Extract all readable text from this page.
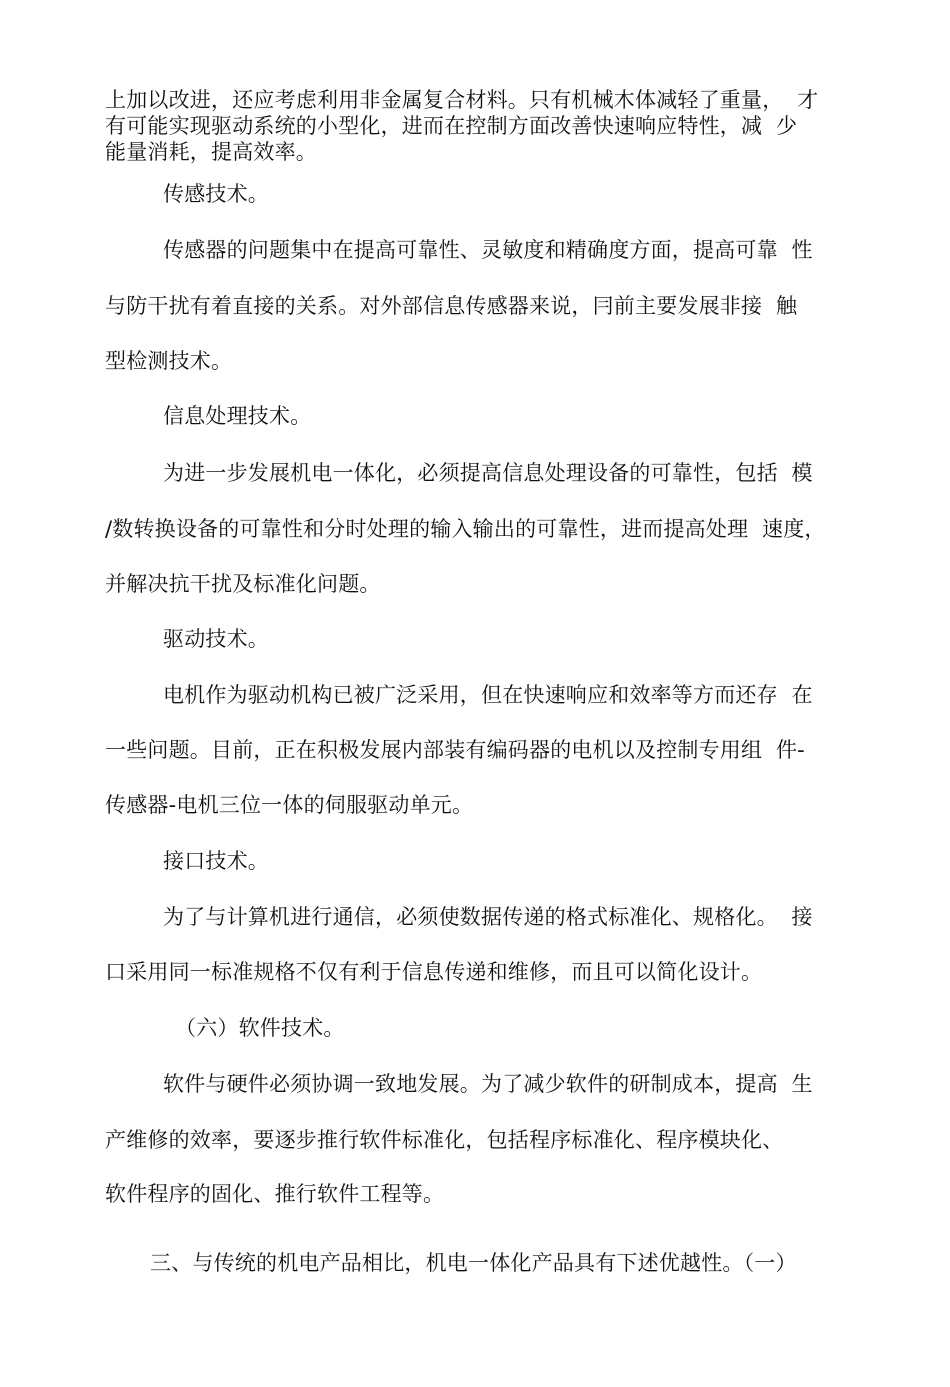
上加以改进，还应考虑利用非金属复合材料。只有机械木体减轻了重量，  才
有可能实现驱动系统的小型化，进而在控制方面改善快速响应特性，减  少
能量消耗，提高效率。
传感技术。
传感器的问题集中在提高可靠性、灵敏度和精确度方面，提高可靠  性
与防干扰有着直接的关系。对外部信息传感器来说，冃前主要发展非接  触
型检测技术。
信息处理技术。
为进一步发展机电一体化，必须提高信息处理设备的可靠性，包括  模
/数转换设备的可靠性和分时处理的输入输出的可靠性，进而提高处理  速度，
并解决抗干扰及标准化问题。
驱动技术。
电机作为驱动机构已被广泛采用，但在快速响应和效率等方而还存  在
一些问题。目前，正在积极发展内部装有编码器的电机以及控制专用组  件-
传感器-电机三位一体的伺服驱动单元。
接口技术。
为了与计算机进行通信，必须使数据传递的格式标准化、规格化。  接
口采用同一标准规格不仅有利于信息传递和维修，而且可以简化设计。
（六）软件技术。
软件与硬件必须协调一致地发展。为了减少软件的研制成本，提高  生
产维修的效率，要逐步推行软件标准化，包括程序标准化、程序模块化、
软件程序的固化、推行软件工程等。
三、与传统的机电产品相比，机电一体化产品具有下述优越性。（一）
